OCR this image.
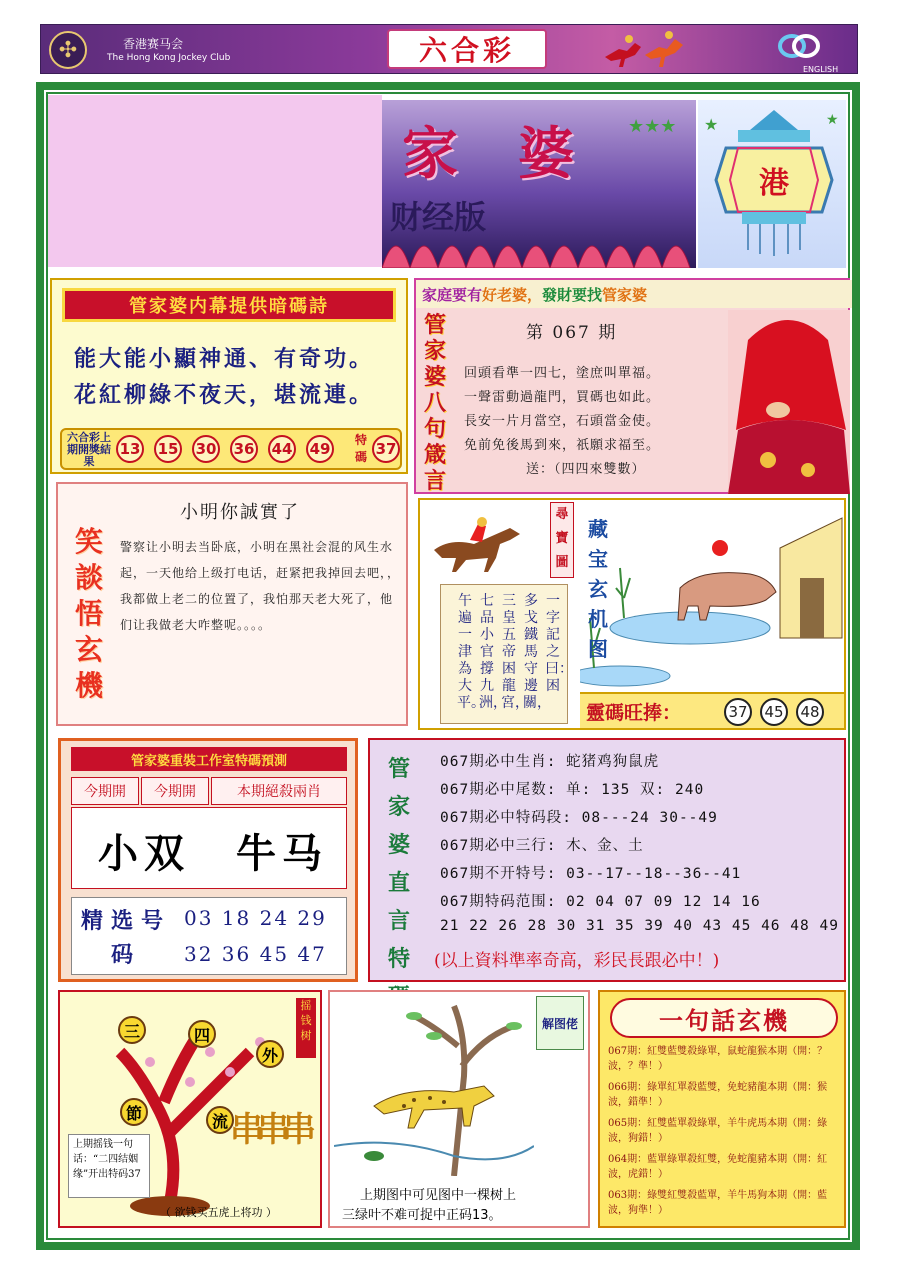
✣	香港赛马会
The Hong Kong Jockey Club	六合彩
ENGLISH
家婆
财经版
★★★ ★	★
港
管家婆内幕提供暗碼詩
能大能小顯神通、有奇功。
花紅柳綠不夜天，堪流連。
六合彩上期開獎結果
13 15 30 36 44 49 特碼 37
家庭要有 好老婆， 發財要找 管家婆
管家婆八句箴言
第 067 期
回頭看準一四七，塗庶叫單福。
一聲雷動過龍門，買碼也如此。
長安一片月當空，石頭當金使。
免前免後馬到來，祇願求福至。
送：（四四來雙數）
笑談悟玄機
小明你誠實了
警察让小明去当卧底，小明在黑社会混的风生水起，一天他给上级打电话，赶紧把我掉回去吧，，我都做上老二的位置了，我怕那天老大死了，他们让我做老大咋整呢。。。。
尋寶圖
一字記之曰：困
多戈鐵馬守邊關，
三皇五帝困龍宮，
七品小官撐九洲，
午遍一津為大平。
藏宝玄机图
靈碼旺捧：	37 45 48
管家婆重裝工作室特碼預測
今期開	今期開	本期絕殺兩肖
小双	牛马
精选号码
03 18 24 29
32 36 45 47
管家婆直言特
067期必中生肖: 蛇猪鸡狗鼠虎
067期必中尾数: 单: 135 双: 240
067期必中特码段: 08---24 30--49
067期必中三行: 木、金、土
067期不开特号: 03--17--18--36--41
067期特码范围: 02 04 07 09 12 14 16
21 22 26 28 30 31 35 39 40 43 45 46 48 49
(以上資料準率奇高，彩民長跟必中！)
三	四
外
節	流
摇钱树
串串串
上期摇钱一句话：“二四结姻缘”开出特码37
（ 欲钱买五虎上将功 ）
解图佬
上期图中可见图中一棵树上
三绿叶不难可捉中正码13。
一句話玄機
067期：紅雙藍雙殺綠單，鼠蛇龍猴本期（開：？波，？準！）
066期：綠單紅單殺藍雙，免蛇豬龍本期（開：猴波，錯準！）
065期：紅雙藍單殺綠單，羊牛虎馬本期（開：綠波，狗錯！）
064期：藍單綠單殺紅雙，免蛇龍豬本期（開：紅波，虎錯！）
063期：綠雙紅雙殺藍單，羊牛馬狗本期（開：藍波，狗準！）
